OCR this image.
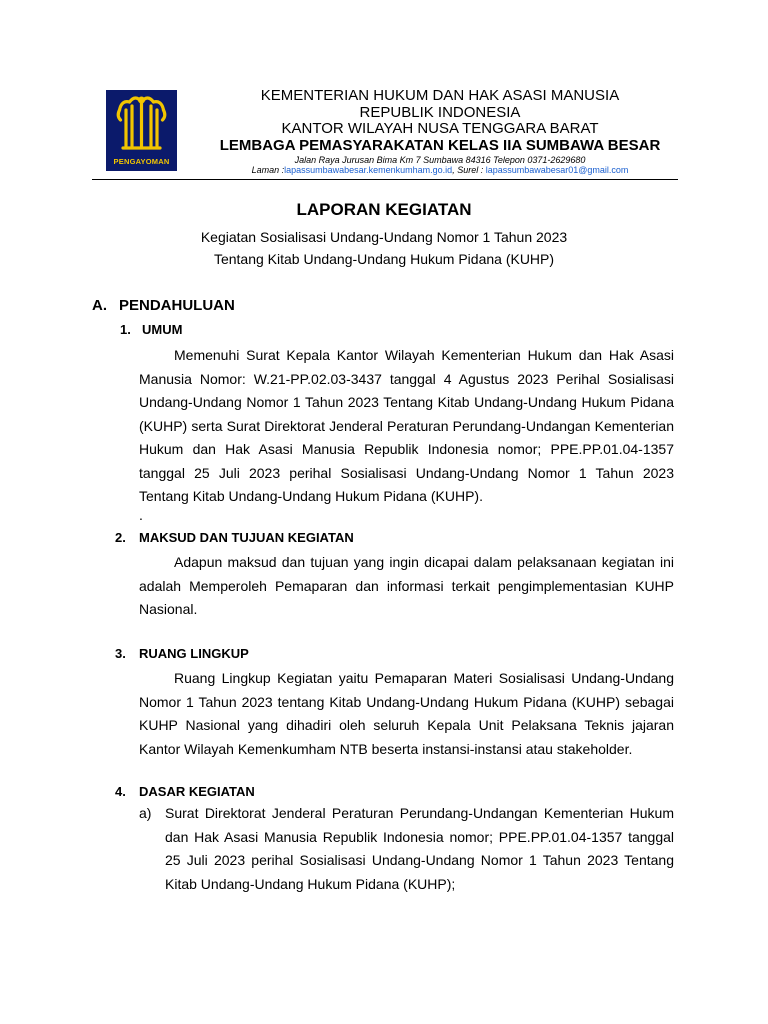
PENGAYOMAN
KEMENTERIAN HUKUM DAN HAK ASASI MANUSIA
REPUBLIK INDONESIA
KANTOR WILAYAH NUSA TENGGARA BARAT
LEMBAGA PEMASYARAKATAN KELAS IIA SUMBAWA BESAR
Jalan Raya Jurusan Bima Km 7 Sumbawa 84316 Telepon 0371-2629680
Laman :lapassumbawabesar.kemenkumham.go.id, Surel : lapassumbawabesar01@gmail.com
LAPORAN KEGIATAN
Kegiatan Sosialisasi Undang-Undang Nomor 1 Tahun 2023
Tentang Kitab Undang-Undang Hukum Pidana (KUHP)
A. PENDAHULUAN
1. UMUM
Memenuhi Surat Kepala Kantor Wilayah Kementerian Hukum dan Hak Asasi Manusia Nomor: W.21-PP.02.03-3437 tanggal 4 Agustus 2023 Perihal Sosialisasi Undang-Undang Nomor 1 Tahun 2023 Tentang Kitab Undang-Undang Hukum Pidana (KUHP) serta Surat Direktorat Jenderal Peraturan Perundang-Undangan Kementerian Hukum dan Hak Asasi Manusia Republik Indonesia nomor; PPE.PP.01.04-1357 tanggal 25 Juli 2023 perihal Sosialisasi Undang-Undang Nomor 1 Tahun 2023 Tentang Kitab Undang-Undang Hukum Pidana (KUHP).
.
2. MAKSUD DAN TUJUAN KEGIATAN
Adapun maksud dan tujuan yang ingin dicapai dalam pelaksanaan kegiatan ini adalah Memperoleh Pemaparan dan informasi terkait pengimplementasian KUHP Nasional.
3. RUANG LINGKUP
Ruang Lingkup Kegiatan yaitu Pemaparan Materi Sosialisasi Undang-Undang Nomor 1 Tahun 2023 tentang Kitab Undang-Undang Hukum Pidana (KUHP) sebagai KUHP Nasional yang dihadiri oleh seluruh Kepala Unit Pelaksana Teknis jajaran Kantor Wilayah Kemenkumham NTB beserta instansi-instansi atau stakeholder.
4. DASAR KEGIATAN
a) Surat Direktorat Jenderal Peraturan Perundang-Undangan Kementerian Hukum dan Hak Asasi Manusia Republik Indonesia nomor; PPE.PP.01.04-1357 tanggal 25 Juli 2023 perihal Sosialisasi Undang-Undang Nomor 1 Tahun 2023 Tentang Kitab Undang-Undang Hukum Pidana (KUHP);
